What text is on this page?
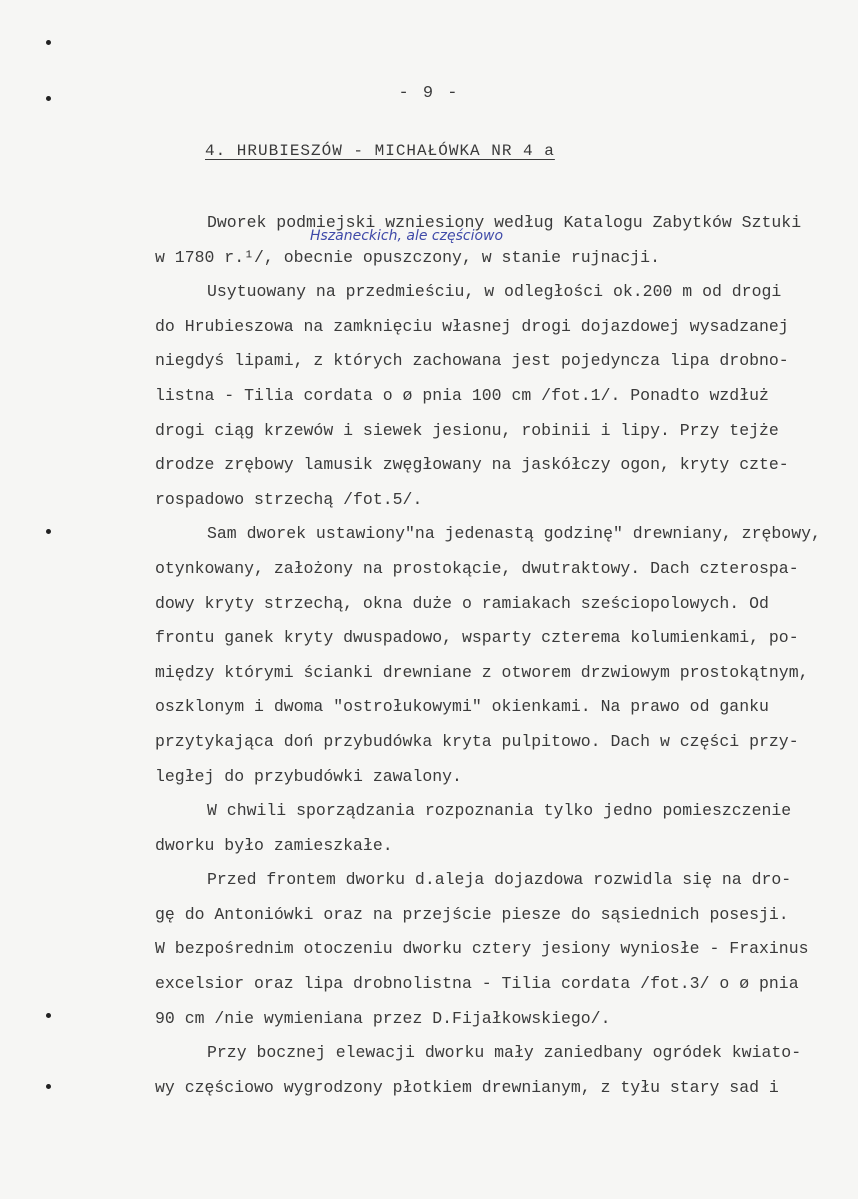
- 9 -
4. HRUBIESZÓW - MICHAŁÓWKA NR 4 a
Hszaneckich, ale częściowo
Dworek podmiejski wzniesiony według Katalogu Zabytków Sztuki
w 1780 r.¹/, obecnie opuszczony, w stanie rujnacji.
Usytuowany na przedmieściu, w odległości ok.200 m od drogi
do Hrubieszowa na zamknięciu własnej drogi dojazdowej wysadzanej
niegdyś lipami, z których zachowana jest pojedyncza lipa drobno-
listna - Tilia cordata o ø pnia 100 cm /fot.1/. Ponadto wzdłuż
drogi ciąg krzewów i siewek jesionu, robinii i lipy. Przy tejże
drodze zrębowy lamusik zwęgłowany na jaskółczy ogon, kryty czte-
rospadowo strzechą /fot.5/.
Sam dworek ustawiony"na jedenastą godzinę" drewniany, zrębowy,
otynkowany, założony na prostokącie, dwutraktowy. Dach czterospa-
dowy kryty strzechą, okna duże o ramiakach sześciopolowych. Od
frontu ganek kryty dwuspadowo, wsparty czterema kolumienkami, po-
między którymi ścianki drewniane z otworem drzwiowym prostokątnym,
oszklonym i dwoma "ostrołukowymi" okienkami. Na prawo od ganku
przytykająca doń przybudówka kryta pulpitowo. Dach w części przy-
ległej do przybudówki zawalony.
W chwili sporządzania rozpoznania tylko jedno pomieszczenie
dworku było zamieszkałe.
Przed frontem dworku d.aleja dojazdowa rozwidla się na dro-
gę do Antoniówki oraz na przejście piesze do sąsiednich posesji.
W bezpośrednim otoczeniu dworku cztery jesiony wyniosłe - Fraxinus
excelsior oraz lipa drobnolistna - Tilia cordata /fot.3/ o ø pnia
90 cm /nie wymieniana przez D.Fijałkowskiego/.
Przy bocznej elewacji dworku mały zaniedbany ogródek kwiato-
wy częściowo wygrodzony płotkiem drewnianym, z tyłu stary sad i
